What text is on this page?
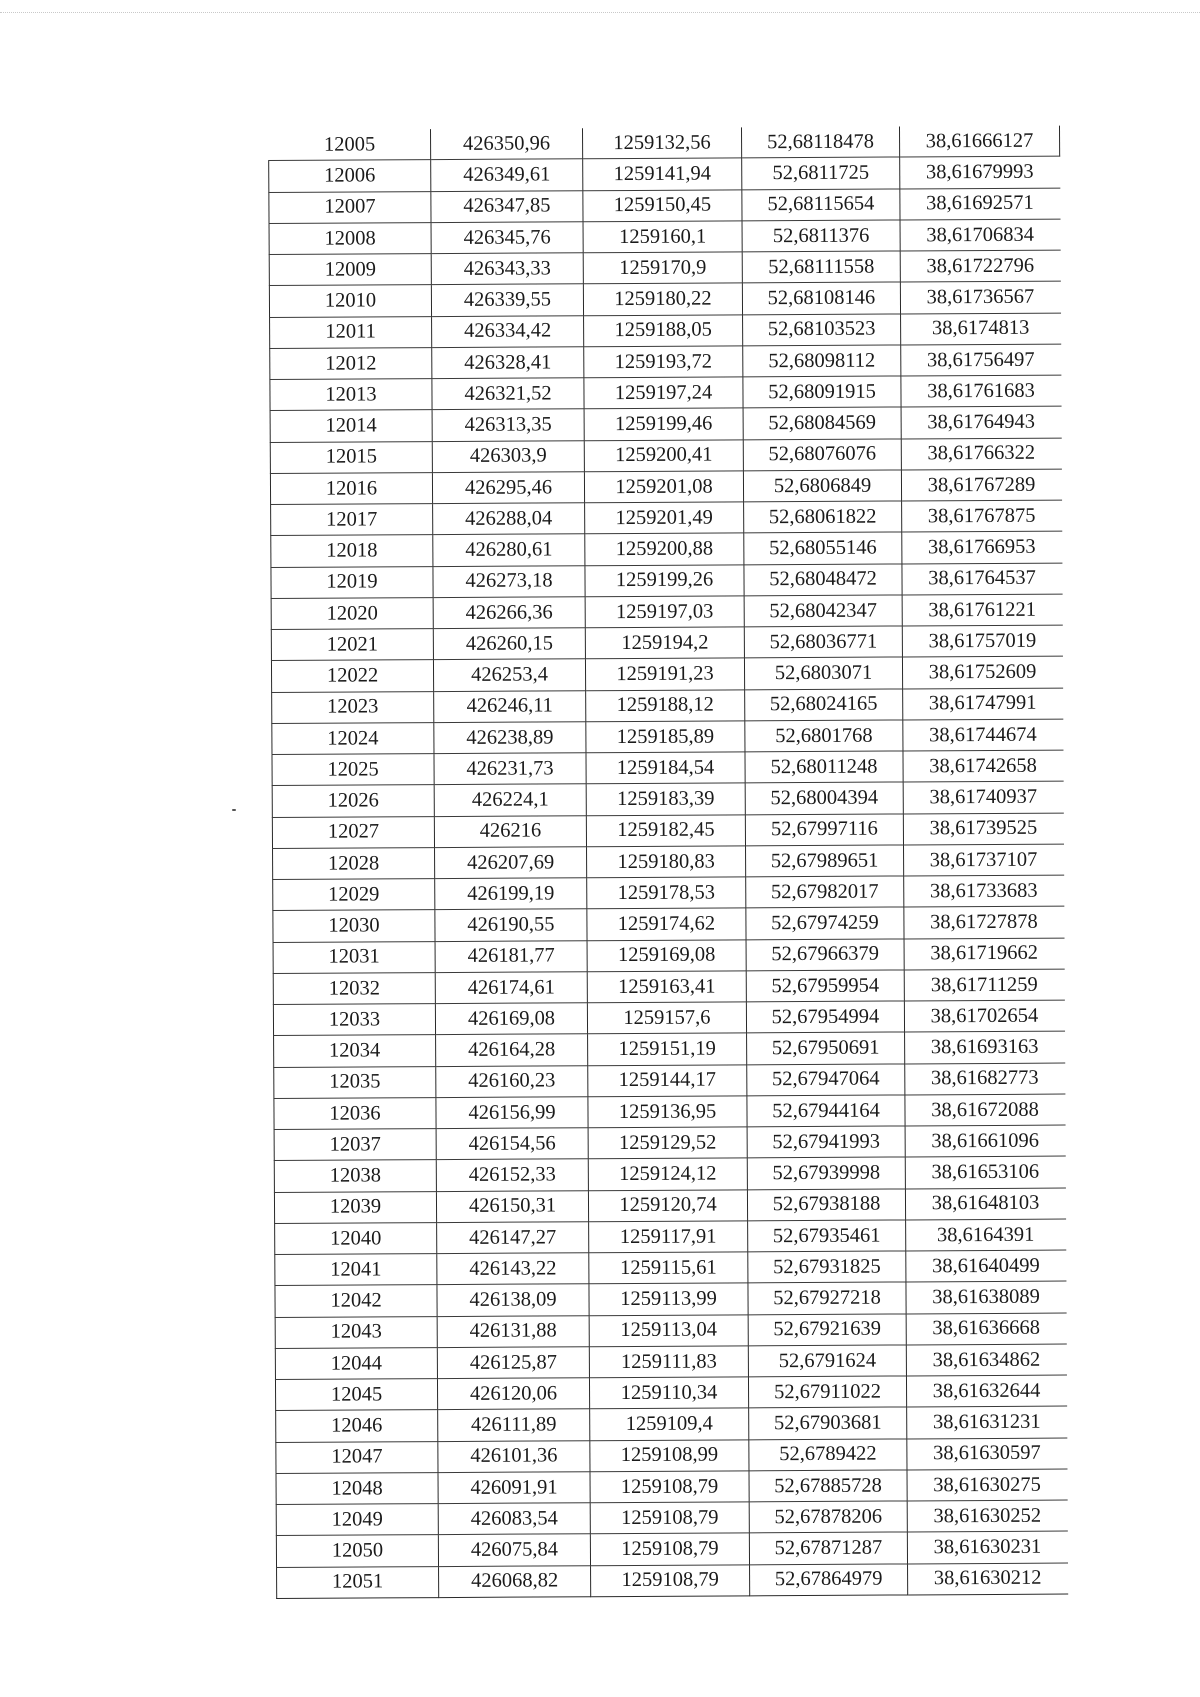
12005	426350,96	1259132,56	52,68118478	38,61666127
12006	426349,61	1259141,94	52,6811725	38,61679993
12007	426347,85	1259150,45	52,68115654	38,61692571
12008	426345,76	1259160,1	52,6811376	38,61706834
12009	426343,33	1259170,9	52,68111558	38,61722796
12010	426339,55	1259180,22	52,68108146	38,61736567
12011	426334,42	1259188,05	52,68103523	38,6174813
12012	426328,41	1259193,72	52,68098112	38,61756497
12013	426321,52	1259197,24	52,68091915	38,61761683
12014	426313,35	1259199,46	52,68084569	38,61764943
12015	426303,9	1259200,41	52,68076076	38,61766322
12016	426295,46	1259201,08	52,6806849	38,61767289
12017	426288,04	1259201,49	52,68061822	38,61767875
12018	426280,61	1259200,88	52,68055146	38,61766953
12019	426273,18	1259199,26	52,68048472	38,61764537
12020	426266,36	1259197,03	52,68042347	38,61761221
12021	426260,15	1259194,2	52,68036771	38,61757019
12022	426253,4	1259191,23	52,6803071	38,61752609
12023	426246,11	1259188,12	52,68024165	38,61747991
12024	426238,89	1259185,89	52,6801768	38,61744674
12025	426231,73	1259184,54	52,68011248	38,61742658
12026	426224,1	1259183,39	52,68004394	38,61740937
12027	426216	1259182,45	52,67997116	38,61739525
12028	426207,69	1259180,83	52,67989651	38,61737107
12029	426199,19	1259178,53	52,67982017	38,61733683
12030	426190,55	1259174,62	52,67974259	38,61727878
12031	426181,77	1259169,08	52,67966379	38,61719662
12032	426174,61	1259163,41	52,67959954	38,61711259
12033	426169,08	1259157,6	52,67954994	38,61702654
12034	426164,28	1259151,19	52,67950691	38,61693163
12035	426160,23	1259144,17	52,67947064	38,61682773
12036	426156,99	1259136,95	52,67944164	38,61672088
12037	426154,56	1259129,52	52,67941993	38,61661096
12038	426152,33	1259124,12	52,67939998	38,61653106
12039	426150,31	1259120,74	52,67938188	38,61648103
12040	426147,27	1259117,91	52,67935461	38,6164391
12041	426143,22	1259115,61	52,67931825	38,61640499
12042	426138,09	1259113,99	52,67927218	38,61638089
12043	426131,88	1259113,04	52,67921639	38,61636668
12044	426125,87	1259111,83	52,6791624	38,61634862
12045	426120,06	1259110,34	52,67911022	38,61632644
12046	426111,89	1259109,4	52,67903681	38,61631231
12047	426101,36	1259108,99	52,6789422	38,61630597
12048	426091,91	1259108,79	52,67885728	38,61630275
12049	426083,54	1259108,79	52,67878206	38,61630252
12050	426075,84	1259108,79	52,67871287	38,61630231
12051	426068,82	1259108,79	52,67864979	38,61630212
